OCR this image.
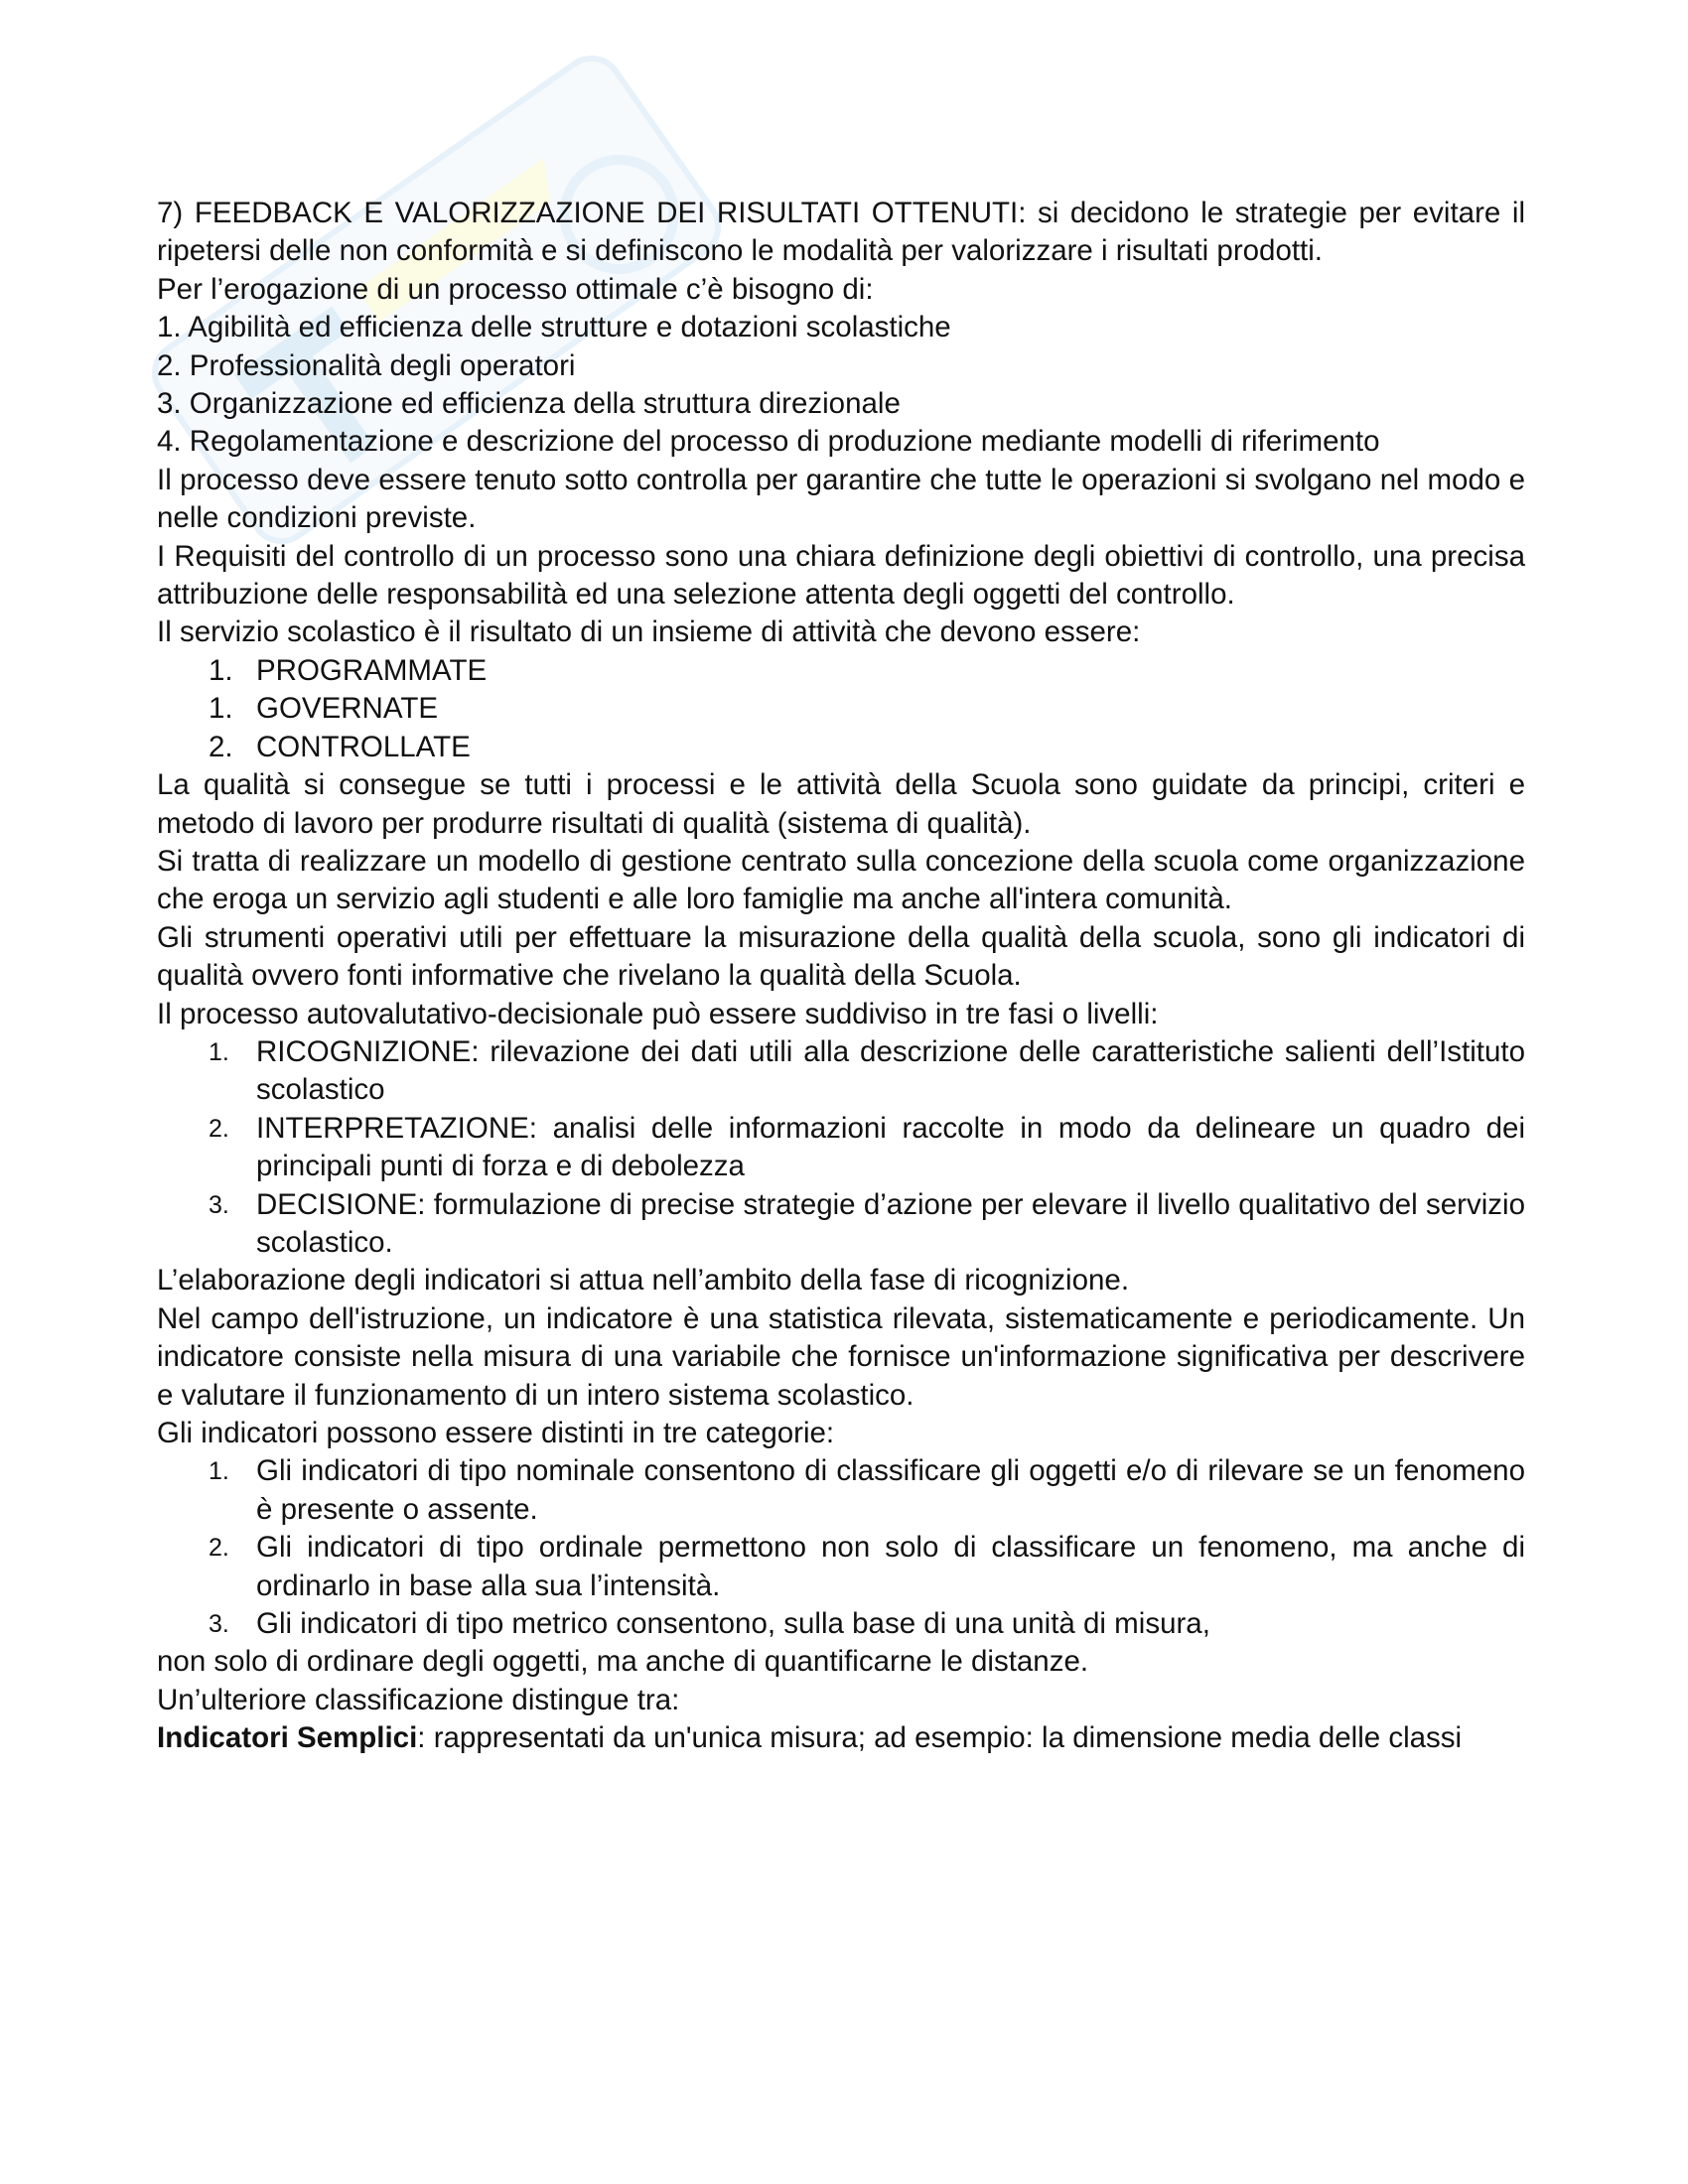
7) FEEDBACK E VALORIZZAZIONE DEI RISULTATI OTTENUTI: si decidono le strategie per evitare il ripetersi delle non conformità e si definiscono le modalità per valorizzare i risultati prodotti.

Per l’erogazione di un processo ottimale c’è bisogno di:

1. Agibilità ed efficienza delle strutture e dotazioni scolastiche

2. Professionalità degli operatori

3. Organizzazione ed efficienza della struttura direzionale

4. Regolamentazione e descrizione del processo di produzione mediante modelli di riferimento

Il processo deve essere tenuto sotto controlla per garantire che tutte le operazioni si svolgano nel modo e nelle condizioni previste.

I Requisiti del controllo di un processo sono una chiara definizione degli obiettivi di controllo, una precisa attribuzione delle responsabilità ed una selezione attenta degli oggetti del controllo.

Il servizio scolastico è il risultato di un insieme di attività che devono essere:

1. PROGRAMMATE
1. GOVERNATE
2. CONTROLLATE

La qualità si consegue se tutti i processi e le attività della Scuola sono guidate da principi, criteri e metodo di lavoro per produrre risultati di qualità (sistema di qualità).

Si tratta di realizzare un modello di gestione centrato sulla concezione della scuola come organizzazione che eroga un servizio agli studenti e alle loro famiglie ma anche all'intera comunità.

Gli strumenti operativi utili per effettuare la misurazione della qualità della scuola, sono gli indicatori di qualità ovvero fonti informative che rivelano la qualità della Scuola.

Il processo autovalutativo-decisionale può essere suddiviso in tre fasi o livelli:

1. RICOGNIZIONE: rilevazione dei dati utili alla descrizione delle caratteristiche salienti dell’Istituto scolastico
2. INTERPRETAZIONE: analisi delle informazioni raccolte in modo da delineare un quadro dei principali punti di forza e di debolezza
3. DECISIONE: formulazione di precise strategie d’azione per elevare il livello qualitativo del servizio scolastico.

L’elaborazione degli indicatori si attua nell’ambito della fase di ricognizione.

Nel campo dell'istruzione, un indicatore è una statistica rilevata, sistematicamente e periodicamente. Un indicatore consiste nella misura di una variabile che fornisce un'informazione significativa per descrivere e valutare il funzionamento di un intero sistema scolastico.

Gli indicatori possono essere distinti in tre categorie:

1. Gli indicatori di tipo nominale consentono di classificare gli oggetti e/o di rilevare se un fenomeno è presente o assente.
2. Gli indicatori di tipo ordinale permettono non solo di classificare un fenomeno, ma anche di ordinarlo in base alla sua l’intensità.
3. Gli indicatori di tipo metrico consentono, sulla base di una unità di misura,

non solo di ordinare degli oggetti, ma anche di quantificarne le distanze.

Un’ulteriore classificazione distingue tra:

Indicatori Semplici: rappresentati da un'unica misura; ad esempio: la dimensione media delle classi
